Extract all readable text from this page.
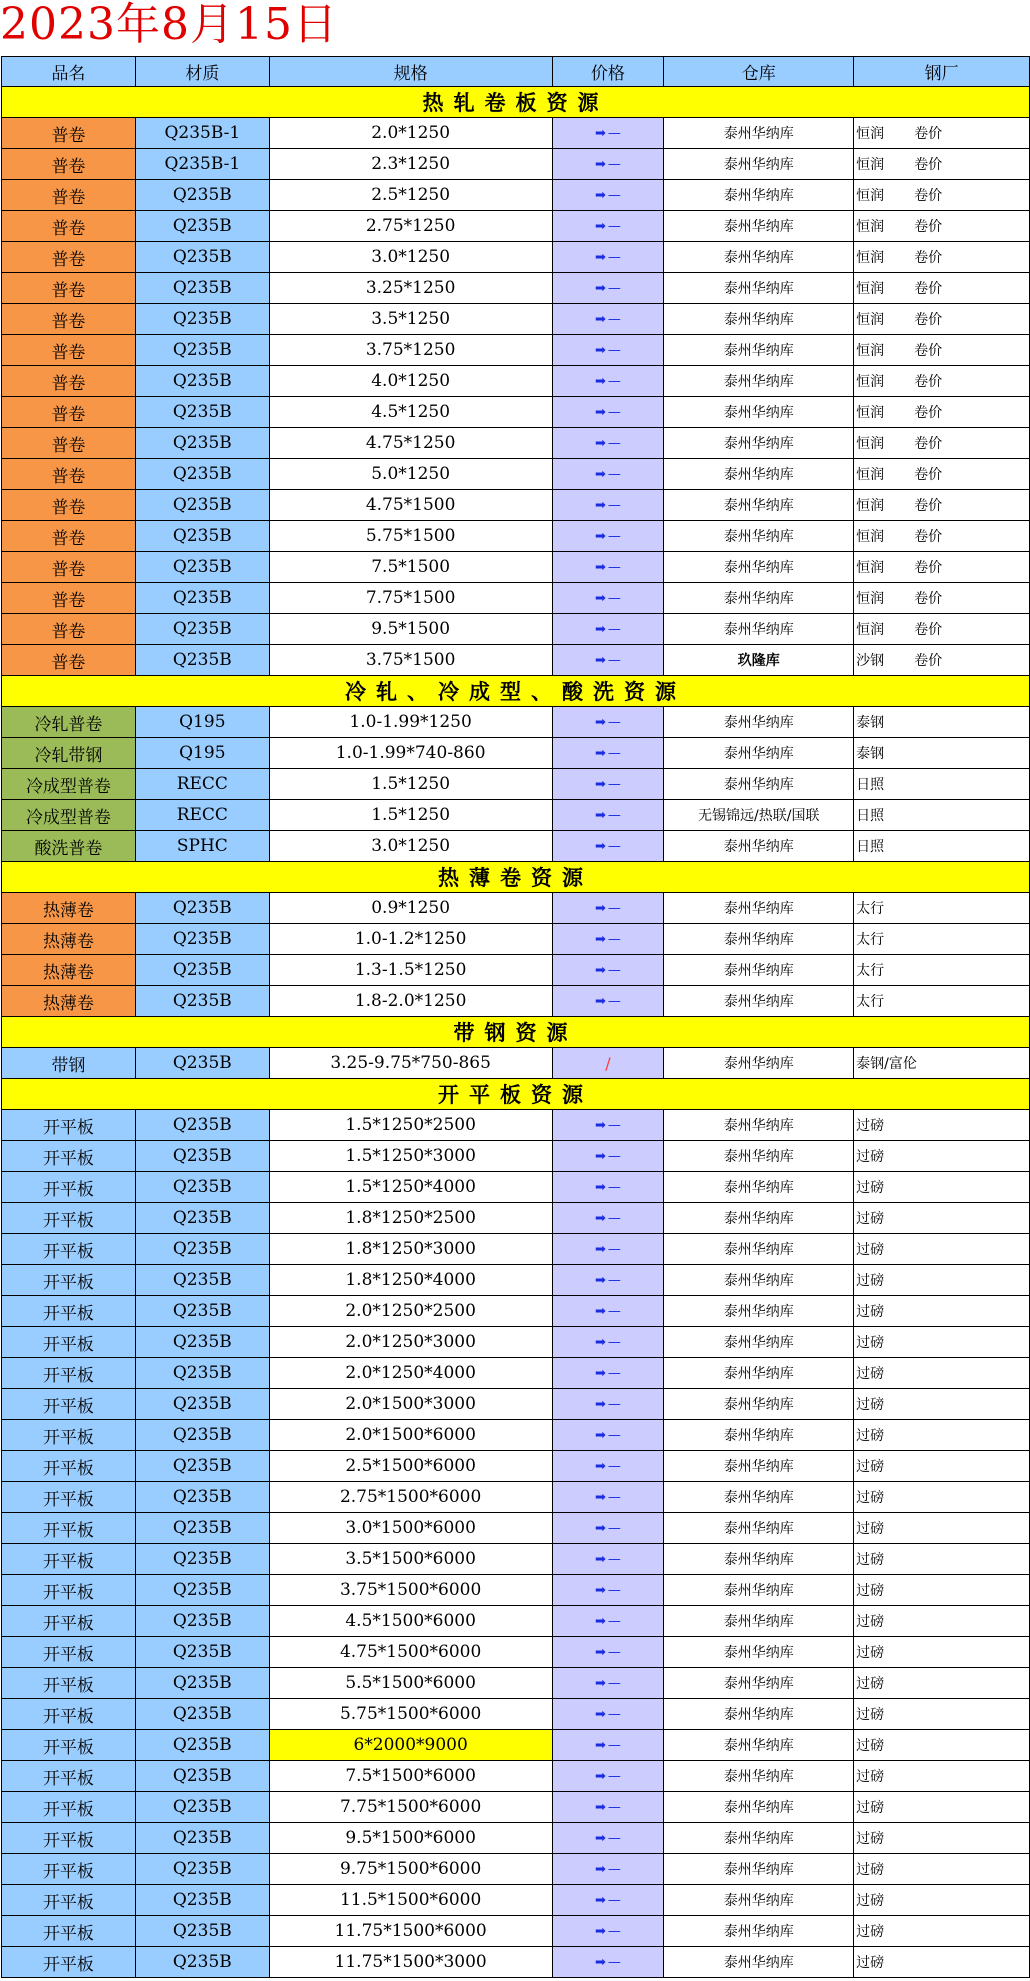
2023年8月15日
品名	材质	规格	价格	仓库	钢厂
热轧卷板资源					
普卷	Q235B-1	2.0*1250	➡ —	泰州华纳库	恒润 卷价
普卷	Q235B-1	2.3*1250	➡ —	泰州华纳库	恒润 卷价
普卷	Q235B	2.5*1250	➡ —	泰州华纳库	恒润 卷价
普卷	Q235B	2.75*1250	➡ —	泰州华纳库	恒润 卷价
普卷	Q235B	3.0*1250	➡ —	泰州华纳库	恒润 卷价
普卷	Q235B	3.25*1250	➡ —	泰州华纳库	恒润 卷价
普卷	Q235B	3.5*1250	➡ —	泰州华纳库	恒润 卷价
普卷	Q235B	3.75*1250	➡ —	泰州华纳库	恒润 卷价
普卷	Q235B	4.0*1250	➡ —	泰州华纳库	恒润 卷价
普卷	Q235B	4.5*1250	➡ —	泰州华纳库	恒润 卷价
普卷	Q235B	4.75*1250	➡ —	泰州华纳库	恒润 卷价
普卷	Q235B	5.0*1250	➡ —	泰州华纳库	恒润 卷价
普卷	Q235B	4.75*1500	➡ —	泰州华纳库	恒润 卷价
普卷	Q235B	5.75*1500	➡ —	泰州华纳库	恒润 卷价
普卷	Q235B	7.5*1500	➡ —	泰州华纳库	恒润 卷价
普卷	Q235B	7.75*1500	➡ —	泰州华纳库	恒润 卷价
普卷	Q235B	9.5*1500	➡ —	泰州华纳库	恒润 卷价
普卷	Q235B	3.75*1500	➡ —	玖隆库	沙钢 卷价
冷轧、冷成型、酸洗资源					
冷轧普卷	Q195	1.0-1.99*1250	➡ —	泰州华纳库	泰钢
冷轧带钢	Q195	1.0-1.99*740-860	➡ —	泰州华纳库	泰钢
冷成型普卷	RECC	1.5*1250	➡ —	泰州华纳库	日照
冷成型普卷	RECC	1.5*1250	➡ —	无锡锦远/热联/国联	日照
酸洗普卷	SPHC	3.0*1250	➡ —	泰州华纳库	日照
热薄卷资源					
热薄卷	Q235B	0.9*1250	➡ —	泰州华纳库	太行
热薄卷	Q235B	1.0-1.2*1250	➡ —	泰州华纳库	太行
热薄卷	Q235B	1.3-1.5*1250	➡ —	泰州华纳库	太行
热薄卷	Q235B	1.8-2.0*1250	➡ —	泰州华纳库	太行
带钢资源					
带钢	Q235B	3.25-9.75*750-865	/	泰州华纳库	泰钢/富伦
开平板资源					
开平板	Q235B	1.5*1250*2500	➡ —	泰州华纳库	过磅
开平板	Q235B	1.5*1250*3000	➡ —	泰州华纳库	过磅
开平板	Q235B	1.5*1250*4000	➡ —	泰州华纳库	过磅
开平板	Q235B	1.8*1250*2500	➡ —	泰州华纳库	过磅
开平板	Q235B	1.8*1250*3000	➡ —	泰州华纳库	过磅
开平板	Q235B	1.8*1250*4000	➡ —	泰州华纳库	过磅
开平板	Q235B	2.0*1250*2500	➡ —	泰州华纳库	过磅
开平板	Q235B	2.0*1250*3000	➡ —	泰州华纳库	过磅
开平板	Q235B	2.0*1250*4000	➡ —	泰州华纳库	过磅
开平板	Q235B	2.0*1500*3000	➡ —	泰州华纳库	过磅
开平板	Q235B	2.0*1500*6000	➡ —	泰州华纳库	过磅
开平板	Q235B	2.5*1500*6000	➡ —	泰州华纳库	过磅
开平板	Q235B	2.75*1500*6000	➡ —	泰州华纳库	过磅
开平板	Q235B	3.0*1500*6000	➡ —	泰州华纳库	过磅
开平板	Q235B	3.5*1500*6000	➡ —	泰州华纳库	过磅
开平板	Q235B	3.75*1500*6000	➡ —	泰州华纳库	过磅
开平板	Q235B	4.5*1500*6000	➡ —	泰州华纳库	过磅
开平板	Q235B	4.75*1500*6000	➡ —	泰州华纳库	过磅
开平板	Q235B	5.5*1500*6000	➡ —	泰州华纳库	过磅
开平板	Q235B	5.75*1500*6000	➡ —	泰州华纳库	过磅
开平板	Q235B	6*2000*9000	➡ —	泰州华纳库	过磅
开平板	Q235B	7.5*1500*6000	➡ —	泰州华纳库	过磅
开平板	Q235B	7.75*1500*6000	➡ —	泰州华纳库	过磅
开平板	Q235B	9.5*1500*6000	➡ —	泰州华纳库	过磅
开平板	Q235B	9.75*1500*6000	➡ —	泰州华纳库	过磅
开平板	Q235B	11.5*1500*6000	➡ —	泰州华纳库	过磅
开平板	Q235B	11.75*1500*6000	➡ —	泰州华纳库	过磅
开平板	Q235B	11.75*1500*3000	➡ —	泰州华纳库	过磅
